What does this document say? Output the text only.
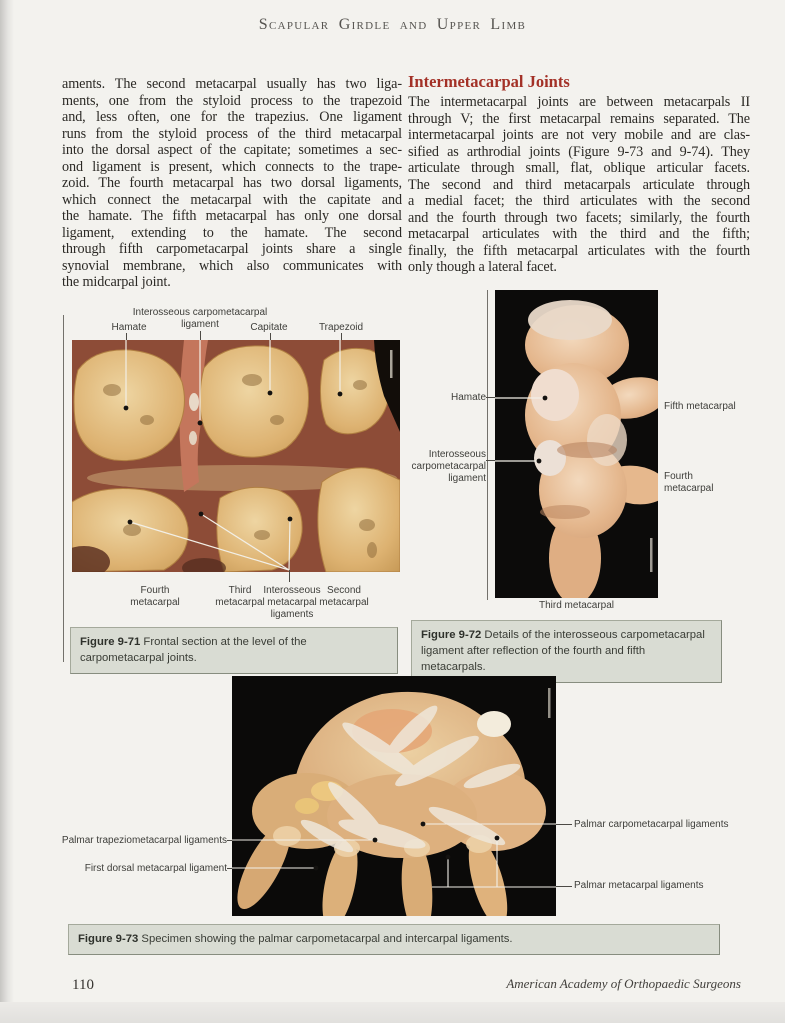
Scapular Girdle and Upper Limb
aments. The second metacarpal usually has two liga-
ments, one from the styloid process to the trapezoid
and, less often, one for the trapezius. One ligament
runs from the styloid process of the third metacarpal
into the dorsal aspect of the capitate; sometimes a sec-
ond ligament is present, which connects to the trape-
zoid. The fourth metacarpal has two dorsal ligaments,
which connect the metacarpal with the capitate and
the hamate. The fifth metacarpal has only one dorsal
ligament, extending to the hamate. The second
through fifth carpometacarpal joints share a single
synovial membrane, which also communicates with
the midcarpal joint.
Intermetacarpal Joints
The intermetacarpal joints are between metacarpals II
through V; the first metacarpal remains separated. The
intermetacarpal joints are not very mobile and are clas-
sified as arthrodial joints (Figure 9-73 and 9-74). They
articulate through small, flat, oblique articular facets.
The second and third metacarpals articulate through
a medial facet; the third articulates with the second
and the fourth through two facets; similarly, the fourth
metacarpal articulates with the third and the fifth;
finally, the fifth metacarpal articulates with the fourth
only though a lateral facet.
Interosseous carpometacarpal ligament
Hamate	Capitate	Trapezoid
Fourth metacarpal
Third metacarpal
Interosseous metacarpal ligaments
Second metacarpal
Figure 9-71 Frontal section at the level of the carpometacarpal joints.
Hamate
Interosseous carpometacarpal ligament
Fifth metacarpal
Fourth metacarpal
Third metacarpal
Figure 9-72 Details of the interosseous carpometacarpal ligament after reflection of the fourth and fifth metacarpals.
Palmar trapeziometacarpal ligaments
First dorsal metacarpal ligament
Palmar carpometacarpal ligaments
Palmar metacarpal ligaments
Figure 9-73 Specimen showing the palmar carpometacarpal and intercarpal ligaments.
110	American Academy of Orthopaedic Surgeons
